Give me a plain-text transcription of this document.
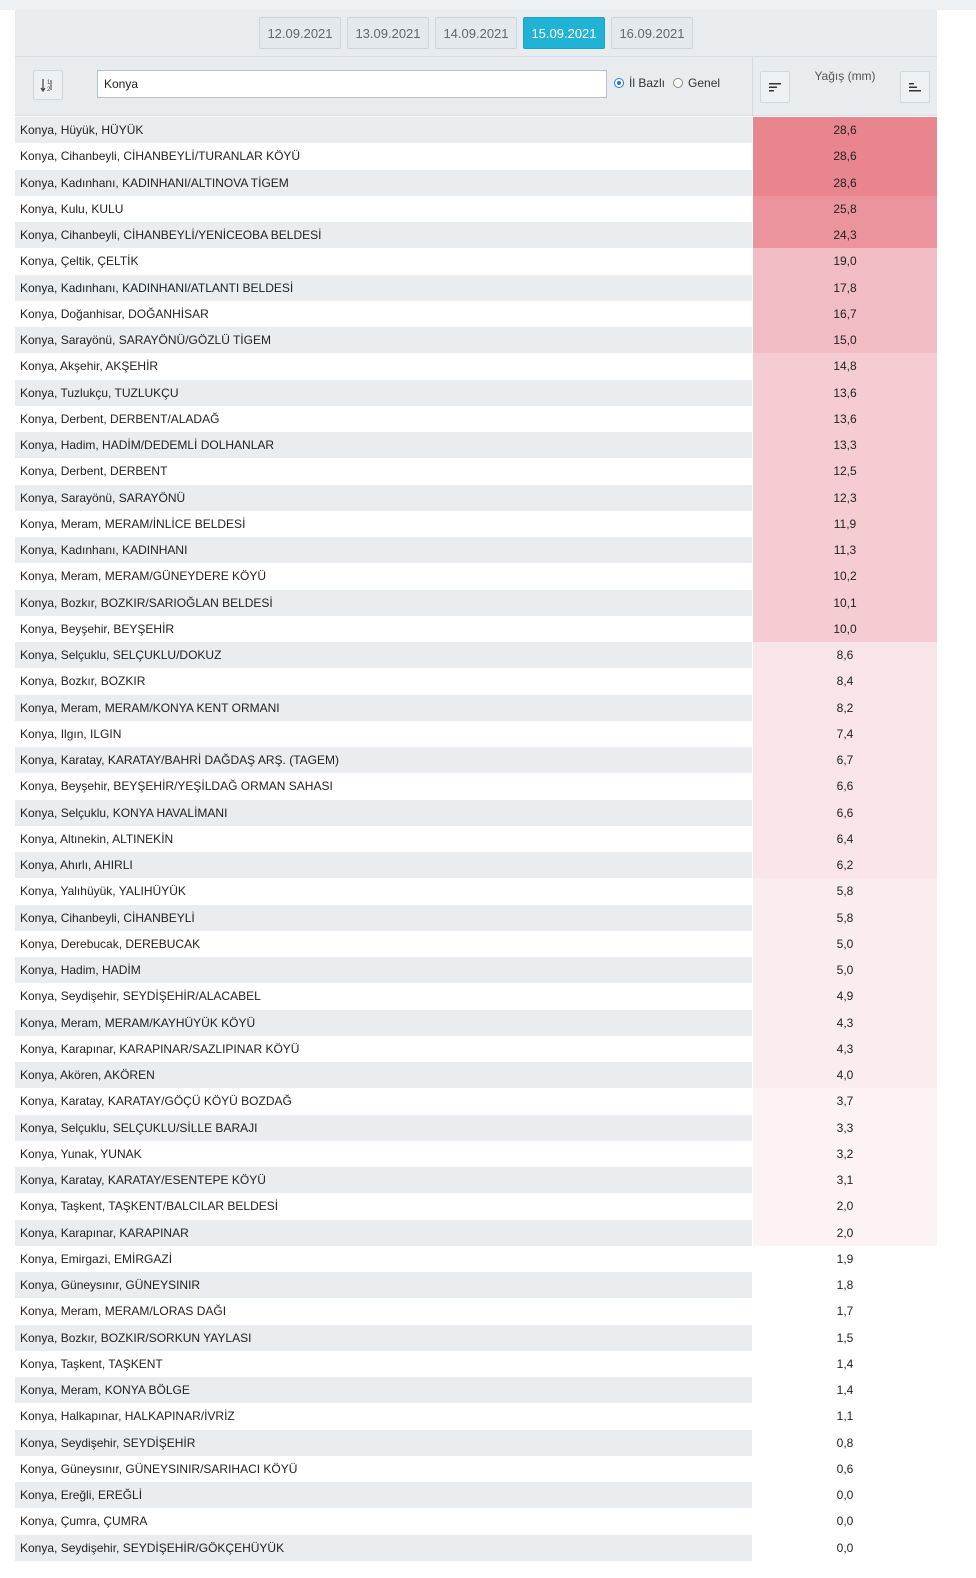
12.09.2021	13.09.2021	14.09.2021	15.09.2021	16.09.2021
1
2
Konya	İl Bazlı Genel	Yağış (mm)
Konya, Hüyük, HÜYÜK	28,6
Konya, Cihanbeyli, CİHANBEYLİ/TURANLAR KÖYÜ	28,6
Konya, Kadınhanı, KADINHANI/ALTINOVA TİGEM	28,6
Konya, Kulu, KULU	25,8
Konya, Cihanbeyli, CİHANBEYLİ/YENİCEOBA BELDESİ	24,3
Konya, Çeltik, ÇELTİK	19,0
Konya, Kadınhanı, KADINHANI/ATLANTI BELDESİ	17,8
Konya, Doğanhisar, DOĞANHİSAR	16,7
Konya, Sarayönü, SARAYÖNÜ/GÖZLÜ TİGEM	15,0
Konya, Akşehir, AKŞEHİR	14,8
Konya, Tuzlukçu, TUZLUKÇU	13,6
Konya, Derbent, DERBENT/ALADAĞ	13,6
Konya, Hadim, HADİM/DEDEMLİ DOLHANLAR	13,3
Konya, Derbent, DERBENT	12,5
Konya, Sarayönü, SARAYÖNÜ	12,3
Konya, Meram, MERAM/İNLİCE BELDESİ	11,9
Konya, Kadınhanı, KADINHANI	11,3
Konya, Meram, MERAM/GÜNEYDERE KÖYÜ	10,2
Konya, Bozkır, BOZKIR/SARIOĞLAN BELDESİ	10,1
Konya, Beyşehir, BEYŞEHİR	10,0
Konya, Selçuklu, SELÇUKLU/DOKUZ	8,6
Konya, Bozkır, BOZKIR	8,4
Konya, Meram, MERAM/KONYA KENT ORMANI	8,2
Konya, Ilgın, ILGIN	7,4
Konya, Karatay, KARATAY/BAHRİ DAĞDAŞ ARŞ. (TAGEM)	6,7
Konya, Beyşehir, BEYŞEHİR/YEŞİLDAĞ ORMAN SAHASI	6,6
Konya, Selçuklu, KONYA HAVALİMANI	6,6
Konya, Altınekin, ALTINEKİN	6,4
Konya, Ahırlı, AHIRLI	6,2
Konya, Yalıhüyük, YALIHÜYÜK	5,8
Konya, Cihanbeyli, CİHANBEYLİ	5,8
Konya, Derebucak, DEREBUCAK	5,0
Konya, Hadim, HADİM	5,0
Konya, Seydişehir, SEYDİŞEHİR/ALACABEL	4,9
Konya, Meram, MERAM/KAYHÜYÜK KÖYÜ	4,3
Konya, Karapınar, KARAPINAR/SAZLIPINAR KÖYÜ	4,3
Konya, Akören, AKÖREN	4,0
Konya, Karatay, KARATAY/GÖÇÜ KÖYÜ BOZDAĞ	3,7
Konya, Selçuklu, SELÇUKLU/SİLLE BARAJI	3,3
Konya, Yunak, YUNAK	3,2
Konya, Karatay, KARATAY/ESENTEPE KÖYÜ	3,1
Konya, Taşkent, TAŞKENT/BALCILAR BELDESİ	2,0
Konya, Karapınar, KARAPINAR	2,0
Konya, Emirgazi, EMİRGAZİ	1,9
Konya, Güneysınır, GÜNEYSINIR	1,8
Konya, Meram, MERAM/LORAS DAĞI	1,7
Konya, Bozkır, BOZKIR/SORKUN YAYLASI	1,5
Konya, Taşkent, TAŞKENT	1,4
Konya, Meram, KONYA BÖLGE	1,4
Konya, Halkapınar, HALKAPINAR/İVRİZ	1,1
Konya, Seydişehir, SEYDİŞEHİR	0,8
Konya, Güneysınır, GÜNEYSINIR/SARIHACI KÖYÜ	0,6
Konya, Ereğli, EREĞLİ	0,0
Konya, Çumra, ÇUMRA	0,0
Konya, Seydişehir, SEYDİŞEHİR/GÖKÇEHÜYÜK	0,0
